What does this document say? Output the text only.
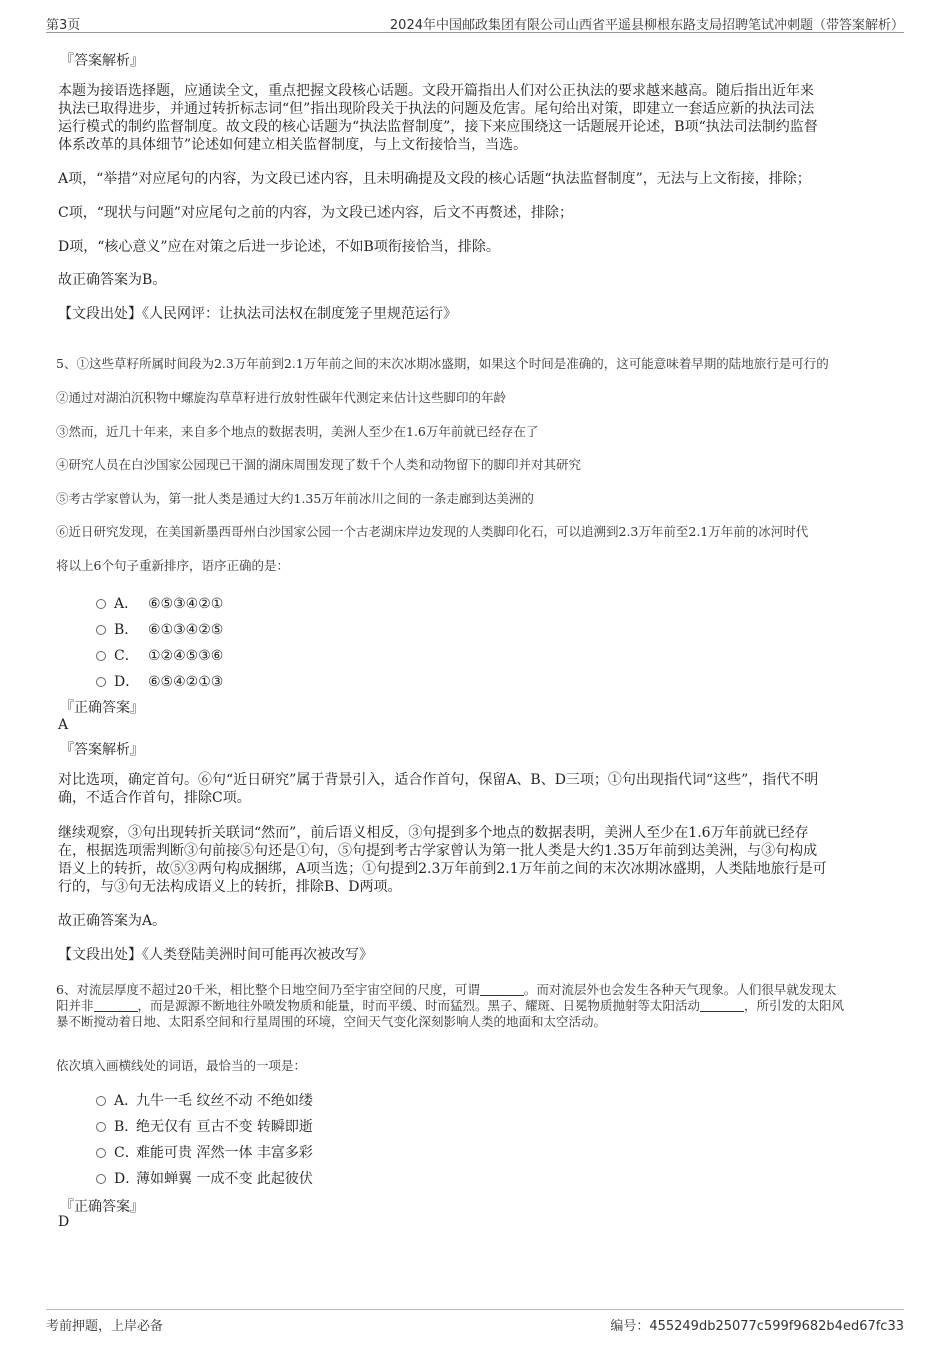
第3页	2024年中国邮政集团有限公司山西省平遥县柳根东路支局招聘笔试冲刺题（带答案解析）
『答案解析』
本题为接语选择题，应通读全文，重点把握文段核心话题。文段开篇指出人们对公正执法的要求越来越高。随后指出近年来
执法已取得进步，并通过转折标志词“但”指出现阶段关于执法的问题及危害。尾句给出对策，即建立一套适应新的执法司法
运行模式的制约监督制度。故文段的核心话题为“执法监督制度”，接下来应围绕这一话题展开论述，B项“执法司法制约监督
体系改革的具体细节”论述如何建立相关监督制度，与上文衔接恰当，当选。
A项，“举措”对应尾句的内容，为文段已述内容，且未明确提及文段的核心话题“执法监督制度”，无法与上文衔接，排除；
C项，“现状与问题”对应尾句之前的内容，为文段已述内容，后文不再赘述，排除；
D项，“核心意义”应在对策之后进一步论述，不如B项衔接恰当，排除。
故正确答案为B。
【文段出处】《人民网评：让执法司法权在制度笼子里规范运行》
5、①这些草籽所属时间段为2.3万年前到2.1万年前之间的末次冰期冰盛期，如果这个时间是准确的，这可能意味着早期的陆地旅行是可行的
②通过对湖泊沉积物中螺旋沟草草籽进行放射性碳年代测定来估计这些脚印的年龄
③然而，近几十年来，来自多个地点的数据表明，美洲人至少在1.6万年前就已经存在了
④研究人员在白沙国家公园现已干涸的湖床周围发现了数千个人类和动物留下的脚印并对其研究
⑤考古学家曾认为，第一批人类是通过大约1.35万年前冰川之间的一条走廊到达美洲的
⑥近日研究发现，在美国新墨西哥州白沙国家公园一个古老湖床岸边发现的人类脚印化石，可以追溯到2.3万年前至2.1万年前的冰河时代
将以上6个句子重新排序，语序正确的是：
A． ⑥⑤③④②①
B． ⑥①③④②⑤
C． ①②④⑤③⑥
D． ⑥⑤④②①③
『正确答案』
A
『答案解析』
对比选项，确定首句。⑥句“近日研究”属于背景引入，适合作首句，保留A、B、D三项；①句出现指代词“这些”，指代不明
确，不适合作首句，排除C项。
继续观察，③句出现转折关联词“然而”，前后语义相反，③句提到多个地点的数据表明，美洲人至少在1.6万年前就已经存
在，根据选项需判断③句前接⑤句还是①句，⑤句提到考古学家曾认为第一批人类是大约1.35万年前到达美洲，与③句构成
语义上的转折，故⑤③两句构成捆绑，A项当选；①句提到2.3万年前到2.1万年前之间的末次冰期冰盛期，人类陆地旅行是可
行的，与③句无法构成语义上的转折，排除B、D两项。
故正确答案为A。
【文段出处】《人类登陆美洲时间可能再次被改写》
6、对流层厚度不超过20千米，相比整个日地空间乃至宇宙空间的尺度，可谓	。而对流层外也会发生各种天气现象。人们很早就发现太
阳并非	，而是源源不断地往外喷发物质和能量，时而平缓、时而猛烈。黑子、耀斑、日冕物质抛射等太阳活动	，所引发的太阳风
暴不断搅动着日地、太阳系空间和行星周围的环境，空间天气变化深刻影响人类的地面和太空活动。
依次填入画横线处的词语，最恰当的一项是：
A．九牛一毛 纹丝不动 不绝如缕
B．绝无仅有 亘古不变 转瞬即逝
C．难能可贵 浑然一体 丰富多彩
D．薄如蝉翼 一成不变 此起彼伏
『正确答案』
D
考前押题，上岸必备	编号：455249db25077c599f9682b4ed67fc33
